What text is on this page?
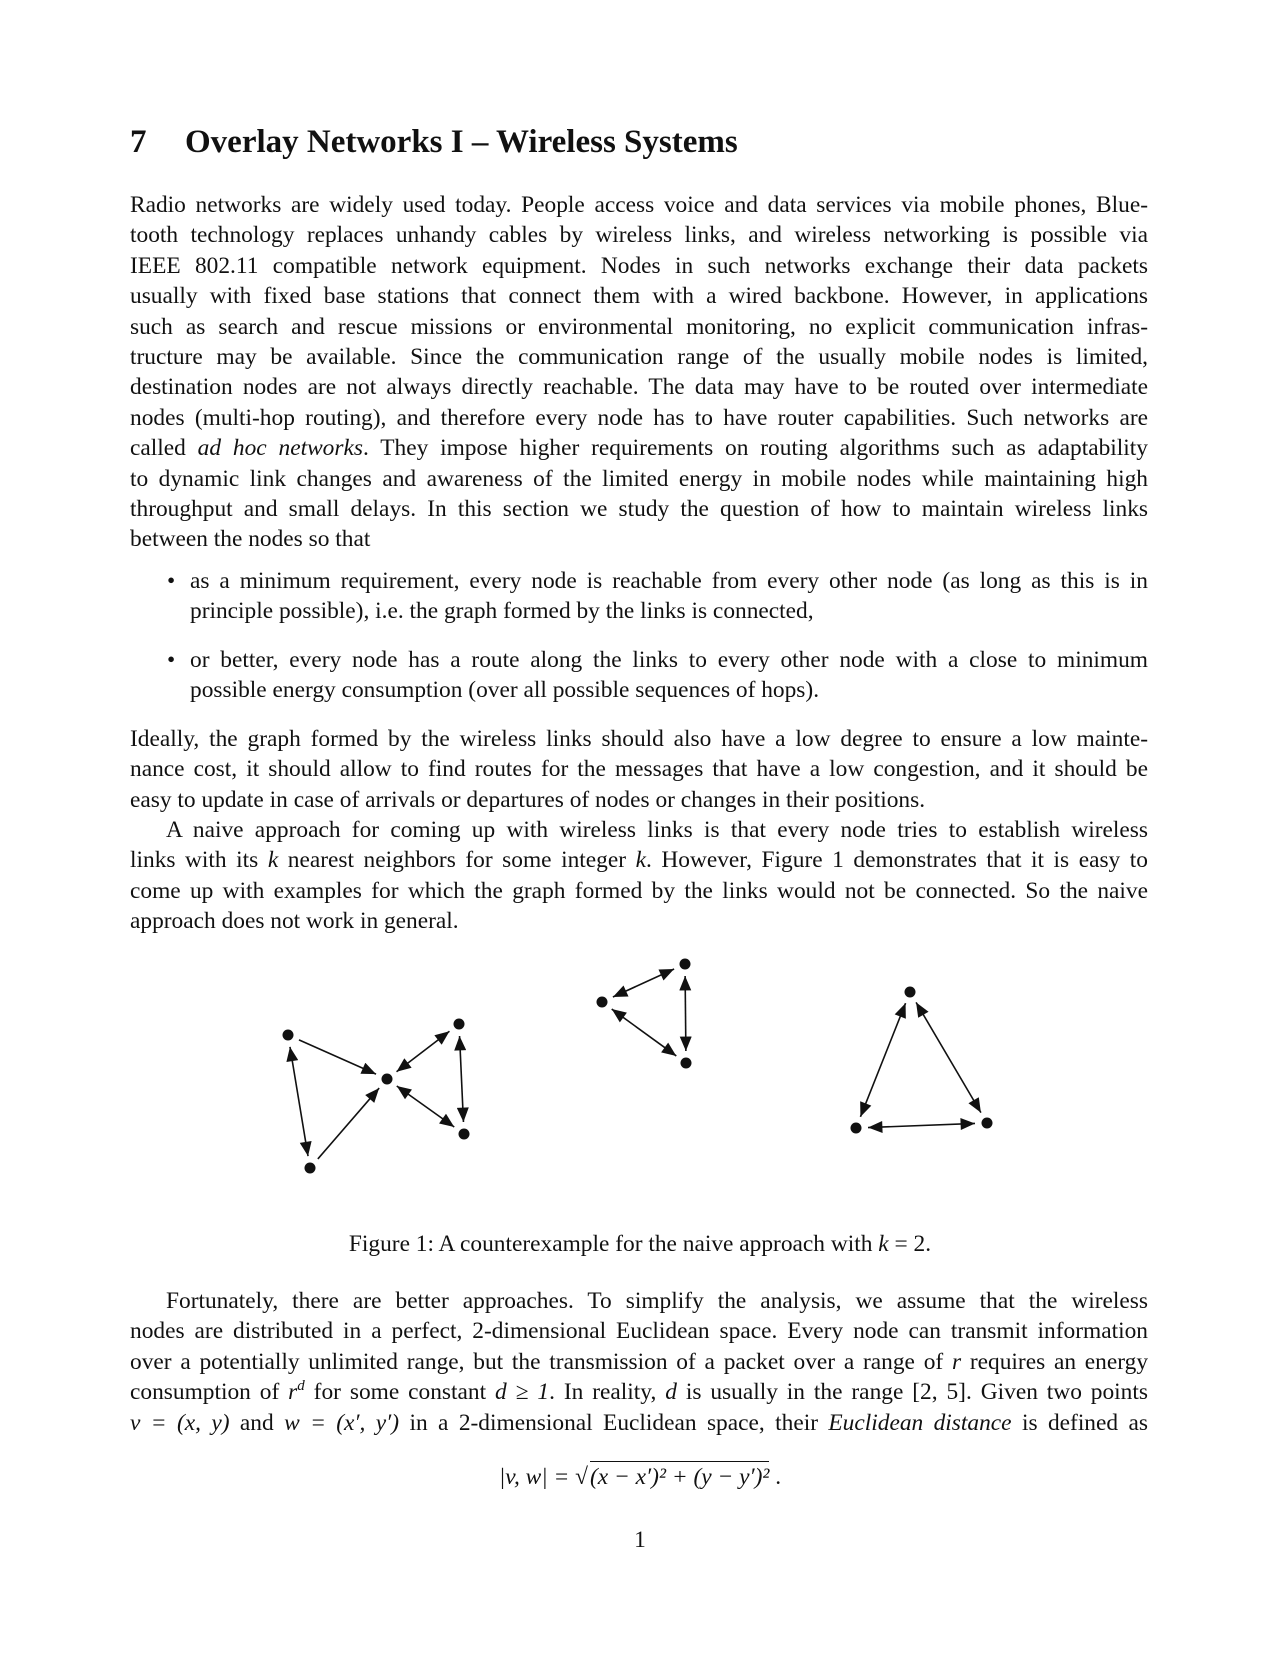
7 Overlay Networks I – Wireless Systems
Radio networks are widely used today. People access voice and data services via mobile phones, Blue-
tooth technology replaces unhandy cables by wireless links, and wireless networking is possible via
IEEE 802.11 compatible network equipment. Nodes in such networks exchange their data packets
usually with fixed base stations that connect them with a wired backbone. However, in applications
such as search and rescue missions or environmental monitoring, no explicit communication infras-
tructure may be available. Since the communication range of the usually mobile nodes is limited,
destination nodes are not always directly reachable. The data may have to be routed over intermediate
nodes (multi-hop routing), and therefore every node has to have router capabilities. Such networks are
called ad hoc networks. They impose higher requirements on routing algorithms such as adaptability
to dynamic link changes and awareness of the limited energy in mobile nodes while maintaining high
throughput and small delays. In this section we study the question of how to maintain wireless links
between the nodes so that
• as a minimum requirement, every node is reachable from every other node (as long as this is in
principle possible), i.e. the graph formed by the links is connected,
• or better, every node has a route along the links to every other node with a close to minimum
possible energy consumption (over all possible sequences of hops).
Ideally, the graph formed by the wireless links should also have a low degree to ensure a low mainte-
nance cost, it should allow to find routes for the messages that have a low congestion, and it should be
easy to update in case of arrivals or departures of nodes or changes in their positions.
A naive approach for coming up with wireless links is that every node tries to establish wireless
links with its k nearest neighbors for some integer k. However, Figure 1 demonstrates that it is easy to
come up with examples for which the graph formed by the links would not be connected. So the naive
approach does not work in general.
Fortunately, there are better approaches. To simplify the analysis, we assume that the wireless
nodes are distributed in a perfect, 2-dimensional Euclidean space. Every node can transmit information
over a potentially unlimited range, but the transmission of a packet over a range of r requires an energy
consumption of $r^d$ for some constant d ≥ 1. In reality, d is usually in the range [2, 5]. Given two points
v = (x, y) and w = (x′, y′) in a 2-dimensional Euclidean space, their Euclidean distance is defined as
Figure 1: A counterexample for the naive approach with k = 2.
|v, w| = √(x − x′)² + (y − y′)² .
1
